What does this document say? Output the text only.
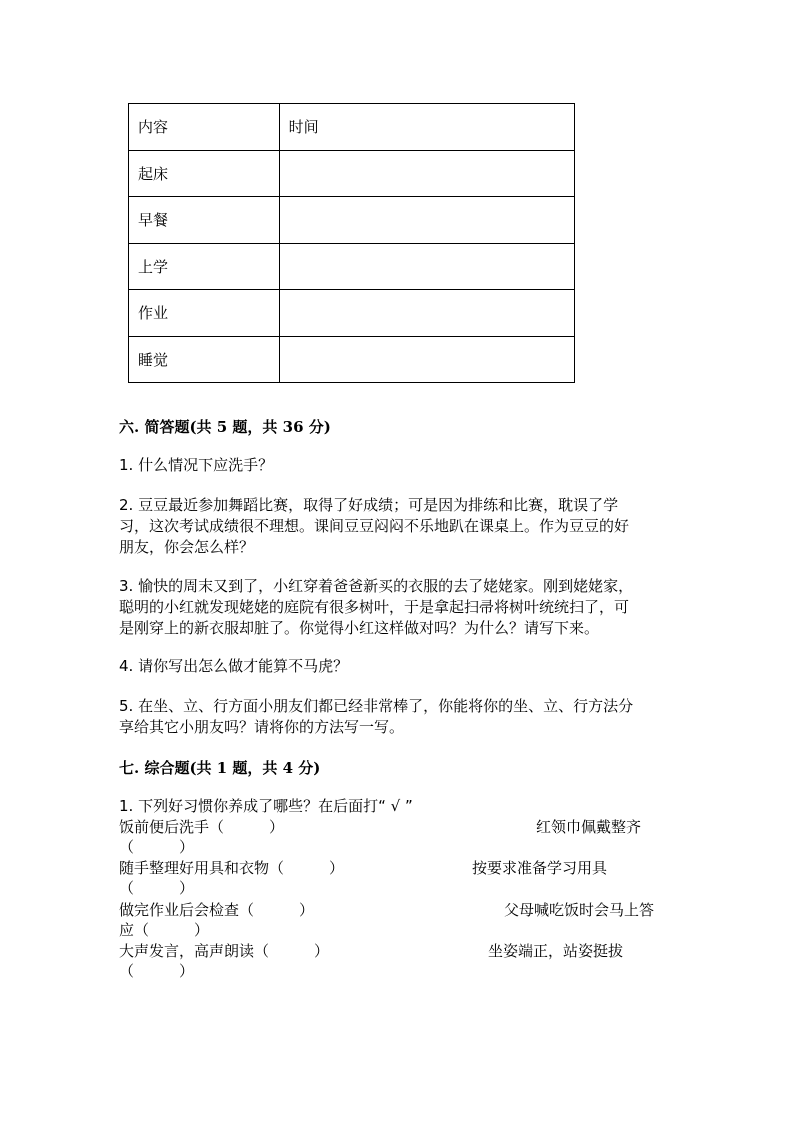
内容	时间
起床	
早餐	
上学	
作业	
睡觉	
六. 简答题(共 5 题，共 36 分)
1. 什么情况下应洗手？
2. 豆豆最近参加舞蹈比赛，取得了好成绩；可是因为排练和比赛，耽误了学
习，这次考试成绩很不理想。课间豆豆闷闷不乐地趴在课桌上。作为豆豆的好
朋友，你会怎么样？
3. 愉快的周末又到了，小红穿着爸爸新买的衣服的去了姥姥家。刚到姥姥家，
聪明的小红就发现姥姥的庭院有很多树叶，于是拿起扫帚将树叶统统扫了，可
是刚穿上的新衣服却脏了。你觉得小红这样做对吗？为什么？请写下来。
4. 请你写出怎么做才能算不马虎？
5. 在坐、立、行方面小朋友们都已经非常棒了，你能将你的坐、立、行方法分
享给其它小朋友吗？请将你的方法写一写。
七. 综合题(共 1 题，共 4 分)
1. 下列好习惯你养成了哪些？在后面打“ √ ”
饭前便后洗手（　　　）	红领巾佩戴整齐
（　　　）
随手整理好用具和衣物（　　　）	按要求准备学习用具
（　　　）
做完作业后会检查（　　　）	父母喊吃饭时会马上答
应（　　　）
大声发言，高声朗读（　　　）	坐姿端正，站姿挺拔
（　　　）
